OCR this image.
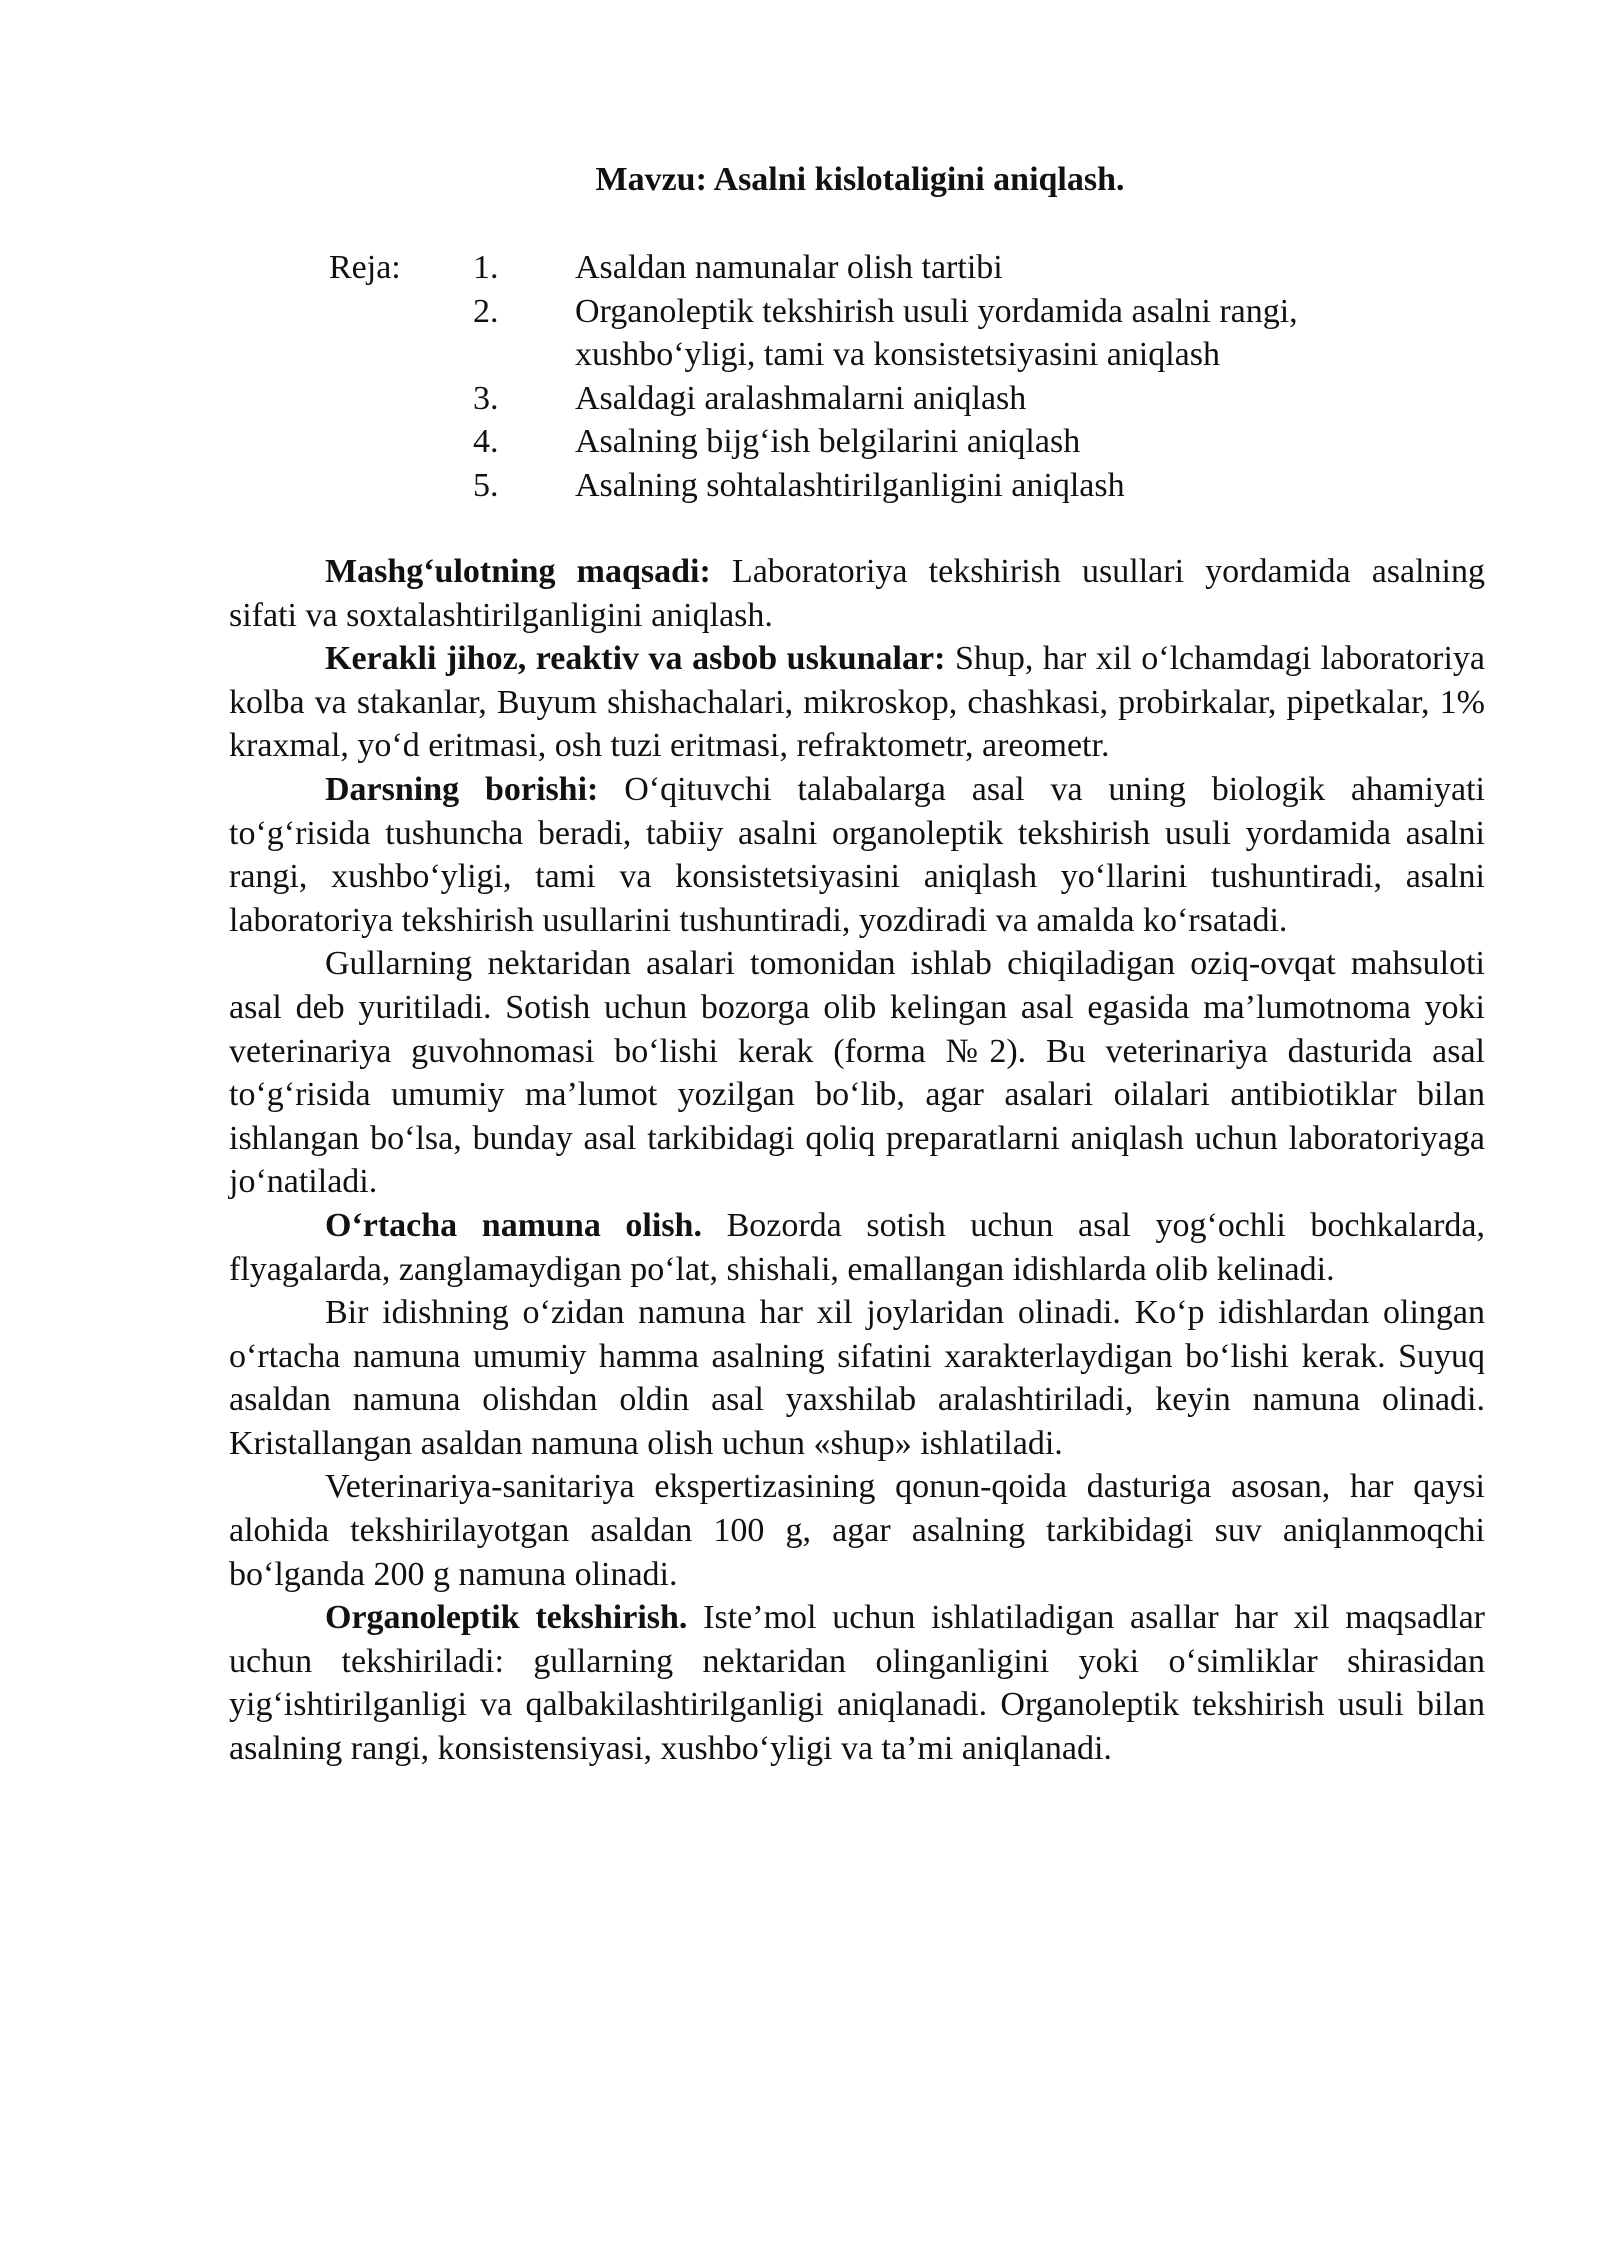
Mavzu: Asalni kislotaligini aniqlash.
Reja: 1.	Asaldan namunalar olish tartibi
2.	Organoleptik tekshirish usuli yordamida asalni rangi, xushbo‘yligi, tami va konsistetsiyasini aniqlash
3.	Asaldagi aralashmalarni aniqlash
4.	Asalning bijg‘ish belgilarini aniqlash
5.	Asalning sohtalashtirilganligini aniqlash

Mashg‘ulotning maqsadi: Laboratoriya tekshirish usullari yordamida asalning sifati va soxtalashtirilganligini aniqlash.

Kerakli jihoz, reaktiv va asbob uskunalar: Shup, har xil o‘lchamdagi laboratoriya kolba va stakanlar, Buyum shishachalari, mikroskop, chashkasi, probirkalar, pipetkalar, 1% kraxmal, yo‘d eritmasi, osh tuzi eritmasi, refraktometr, areometr.

Darsning borishi: O‘qituvchi talabalarga asal va uning biologik ahamiyati to‘g‘risida tushuncha beradi, tabiiy asalni organoleptik tekshirish usuli yordamida asalni rangi, xushbo‘yligi, tami va konsistetsiyasini aniqlash yo‘llarini tushuntiradi, asalni laboratoriya tekshirish usullarini tushuntiradi, yozdiradi va amalda ko‘rsatadi.

Gullarning nektaridan asalari tomonidan ishlab chiqiladigan oziq-ovqat mahsuloti asal deb yuritiladi. Sotish uchun bozorga olib kelingan asal egasida ma’lumotnoma yoki veterinariya guvohnomasi bo‘lishi kerak (forma №2). Bu veterinariya dasturida asal to‘g‘risida umumiy ma’lumot yozilgan bo‘lib, agar asalari oilalari antibiotiklar bilan ishlangan bo‘lsa, bunday asal tarkibidagi qoliq preparatlarni aniqlash uchun laboratoriyaga jo‘natiladi.

O‘rtacha namuna olish. Bozorda sotish uchun asal yog‘ochli bochkalarda, flyagalarda, zanglamaydigan po‘lat, shishali, emallangan idishlarda olib kelinadi.

Bir idishning o‘zidan namuna har xil joylaridan olinadi. Ko‘p idishlardan olingan o‘rtacha namuna umumiy hamma asalning sifatini xarakterlaydigan bo‘lishi kerak. Suyuq asaldan namuna olishdan oldin asal yaxshilab aralashtiriladi, keyin namuna olinadi. Kristallangan asaldan namuna olish uchun «shup» ishlatiladi.

Veterinariya-sanitariya ekspertizasining qonun-qoida dasturiga asosan, har qaysi alohida tekshirilayotgan asaldan 100 g, agar asalning tarkibidagi suv aniqlanmoqchi bo‘lganda 200 g namuna olinadi.

Organoleptik tekshirish. Iste’mol uchun ishlatiladigan asallar har xil maqsadlar uchun tekshiriladi: gullarning nektaridan olinganligini yoki o‘simliklar shirasidan yig‘ishtirilganligi va qalbakilashtirilganligi aniqlanadi. Organoleptik tekshirish usuli bilan asalning rangi, konsistensiyasi, xushbo‘yligi va ta’mi aniqlanadi.
